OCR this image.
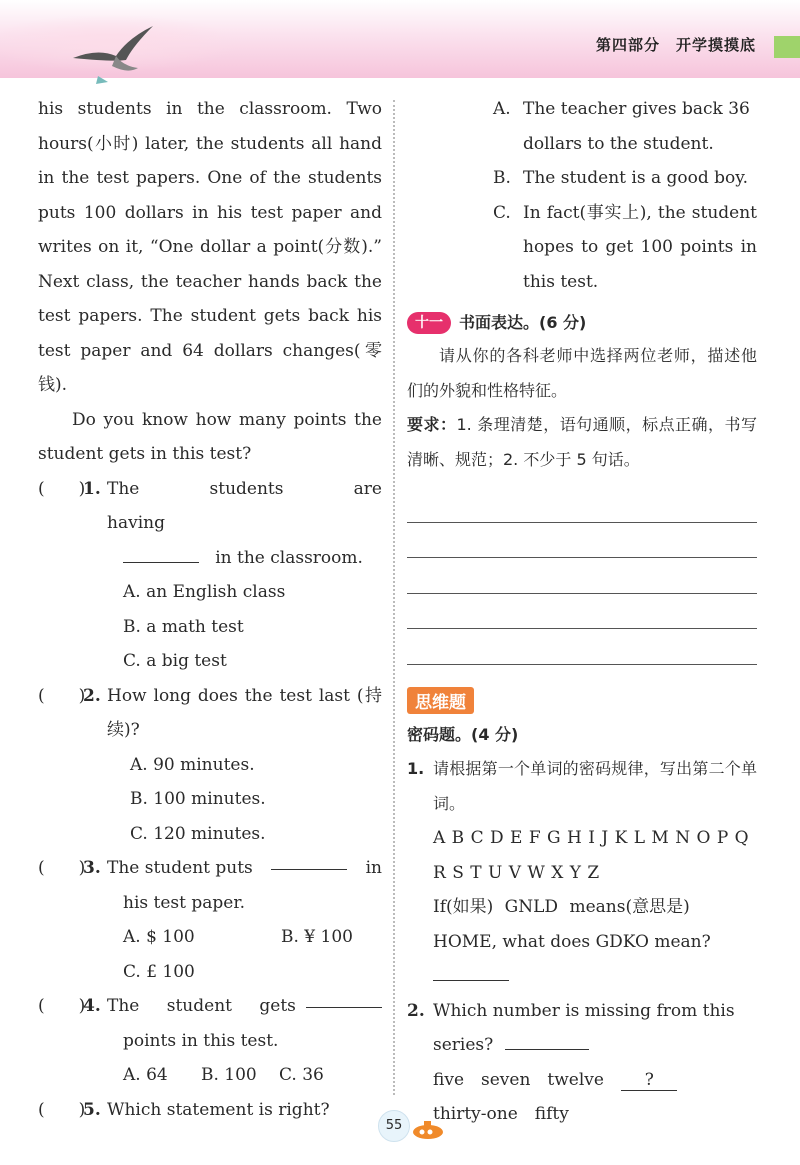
第四部分　开学摸摸底

his students in the classroom. Two hours(小时) later, the students all hand in the test papers. One of the students puts 100 dollars in his test paper and writes on it, “One dollar a point(分数).” Next class, the teacher hands back the test papers. The student gets back his test paper and 64 dollars changes(零钱).

Do you know how many points the student gets in this test?

(　　)
1. The students are having

in the classroom.

A. an English class

B. a math test

C. a big test

(　　)
2. How long does the test last (持续)?

A. 90 minutes.

B. 100 minutes.

C. 120 minutes.

(　　)
3. The student puts	in

his test paper.

A. $ 100	B. ¥ 100

C. £ 100

(　　)
4. The student gets

points in this test.

A. 64 B. 100 C. 36

(　　)
5. Which statement is right?
A. The teacher gives back 36 dollars to the student.
B. The student is a good boy.
C. In fact(事实上), the student hopes to get 100 points in this test.
十一	书面表达。(6 分)

请从你的各科老师中选择两位老师，描述他们的外貌和性格特征。

要求：1. 条理清楚，语句通顺，标点正确，书写清晰、规范；2. 不少于 5 句话。

思维题

密码题。(4 分)

1. 请根据第一个单词的密码规律，写出第二个单词。

A B C D E F G H I J K L M N O P Q

R S T U V W X Y Z

If(如果) GNLD means(意思是)

HOME, what does GDKO mean?

2. Which number is missing from this

series?

five　seven　twelve ?

thirty-one　fifty

55
